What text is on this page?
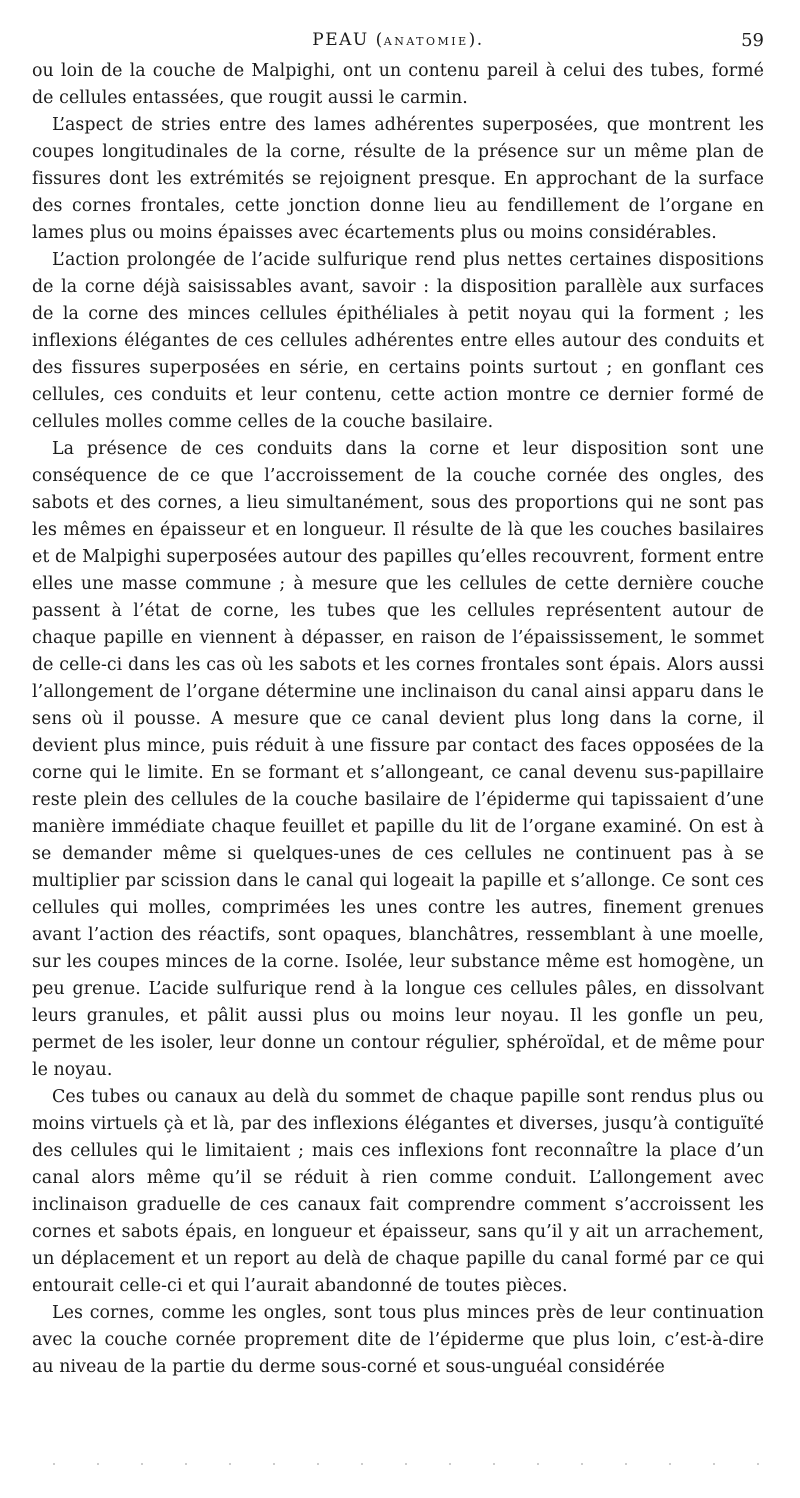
PEAU (ANATOMIE).	59

ou loin de la couche de Malpighi, ont un contenu pareil à celui des tubes, formé de cellules entassées, que rougit aussi le carmin.

L’aspect de stries entre des lames adhérentes superposées, que montrent les coupes longitudinales de la corne, résulte de la présence sur un même plan de fissures dont les extrémités se rejoignent presque. En approchant de la surface des cornes frontales, cette jonction donne lieu au fendillement de l’organe en lames plus ou moins épaisses avec écartements plus ou moins considérables.

L’action prolongée de l’acide sulfurique rend plus nettes certaines dispositions de la corne déjà saisissables avant, savoir : la disposition parallèle aux surfaces de la corne des minces cellules épithéliales à petit noyau qui la forment ; les inflexions élégantes de ces cellules adhérentes entre elles autour des conduits et des fissures superposées en série, en certains points surtout ; en gonflant ces cellules, ces conduits et leur contenu, cette action montre ce dernier formé de cellules molles comme celles de la couche basilaire.

La présence de ces conduits dans la corne et leur disposition sont une conséquence de ce que l’accroissement de la couche cornée des ongles, des sabots et des cornes, a lieu simultanément, sous des proportions qui ne sont pas les mêmes en épaisseur et en longueur. Il résulte de là que les couches basilaires et de Malpighi superposées autour des papilles qu’elles recouvrent, forment entre elles une masse commune ; à mesure que les cellules de cette dernière couche passent à l’état de corne, les tubes que les cellules représentent autour de chaque papille en viennent à dépasser, en raison de l’épaississement, le sommet de celle-ci dans les cas où les sabots et les cornes frontales sont épais. Alors aussi l’allongement de l’organe détermine une inclinaison du canal ainsi apparu dans le sens où il pousse. A mesure que ce canal devient plus long dans la corne, il devient plus mince, puis réduit à une fissure par contact des faces opposées de la corne qui le limite. En se formant et s’allongeant, ce canal devenu sus-papillaire reste plein des cellules de la couche basilaire de l’épiderme qui tapissaient d’une manière immédiate chaque feuillet et papille du lit de l’organe examiné. On est à se demander même si quelques-unes de ces cellules ne continuent pas à se multiplier par scission dans le canal qui logeait la papille et s’allonge. Ce sont ces cellules qui molles, comprimées les unes contre les autres, finement grenues avant l’action des réactifs, sont opaques, blanchâtres, ressemblant à une moelle, sur les coupes minces de la corne. Isolée, leur substance même est homogène, un peu grenue. L’acide sulfurique rend à la longue ces cellules pâles, en dissolvant leurs granules, et pâlit aussi plus ou moins leur noyau. Il les gonfle un peu, permet de les isoler, leur donne un contour régulier, sphéroïdal, et de même pour le noyau.

Ces tubes ou canaux au delà du sommet de chaque papille sont rendus plus ou moins virtuels çà et là, par des inflexions élégantes et diverses, jusqu’à contiguïté des cellules qui le limitaient ; mais ces inflexions font reconnaître la place d’un canal alors même qu’il se réduit à rien comme conduit. L’allongement avec inclinaison graduelle de ces canaux fait comprendre comment s’accroissent les cornes et sabots épais, en longueur et épaisseur, sans qu’il y ait un arrachement, un déplacement et un report au delà de chaque papille du canal formé par ce qui entourait celle-ci et qui l’aurait abandonné de toutes pièces.

Les cornes, comme les ongles, sont tous plus minces près de leur continuation avec la couche cornée proprement dite de l’épiderme que plus loin, c’est-à-dire au niveau de la partie du derme sous-corné et sous-unguéal considérée
